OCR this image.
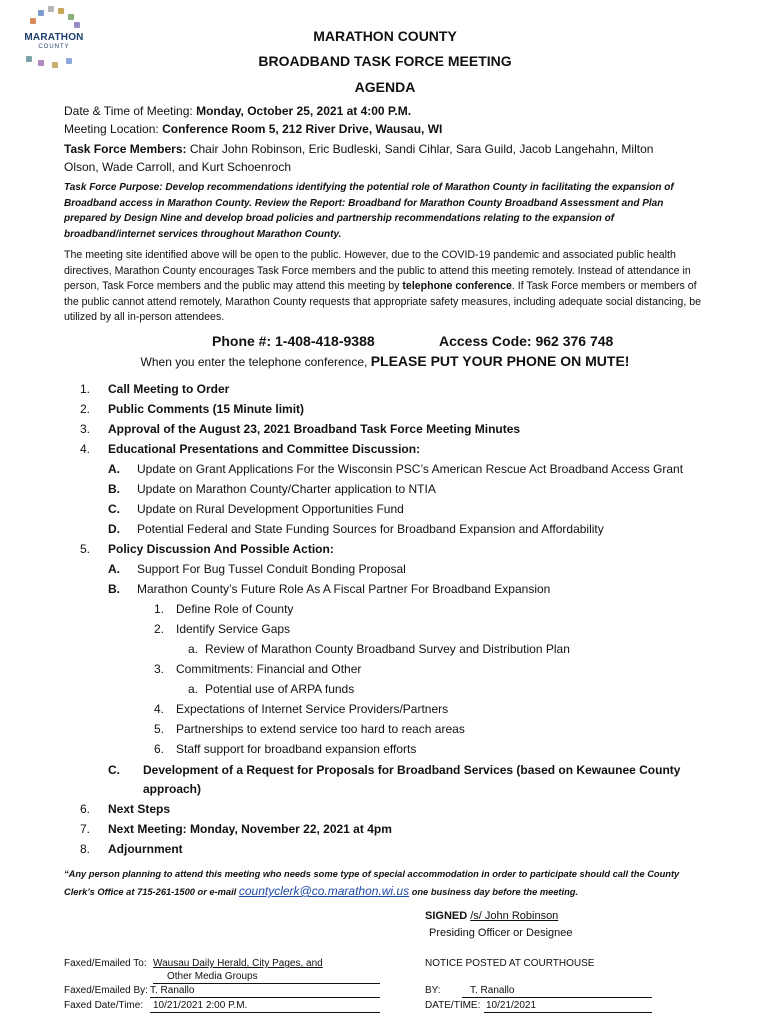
MARATHON
COUNTY
MARATHON COUNTY
BROADBAND TASK FORCE MEETING
AGENDA
Date & Time of Meeting: Monday, October 25, 2021 at 4:00 P.M.
Meeting Location: Conference Room 5, 212 River Drive, Wausau, WI
Task Force Members: Chair John Robinson, Eric Budleski, Sandi Cihlar, Sara Guild, Jacob Langehahn, Milton
Olson, Wade Carroll, and Kurt Schoenroch
Task Force Purpose: Develop recommendations identifying the potential role of Marathon County in facilitating the expansion of Broadband access in Marathon County. Review the Report: Broadband for Marathon County Broadband Assessment and Plan prepared by Design Nine and develop broad policies and partnership recommendations relating to the expansion of broadband/internet services throughout Marathon County.
The meeting site identified above will be open to the public. However, due to the COVID-19 pandemic and associated public health directives, Marathon County encourages Task Force members and the public to attend this meeting remotely. Instead of attendance in person, Task Force members and the public may attend this meeting by telephone conference. If Task Force members or members of the public cannot attend remotely, Marathon County requests that appropriate safety measures, including adequate social distancing, be utilized by all in-person attendees.
Phone #: 1-408-418-9388	Access Code: 962 376 748
When you enter the telephone conference, PLEASE PUT YOUR PHONE ON MUTE!
1. Call Meeting to Order
2. Public Comments (15 Minute limit)
3. Approval of the August 23, 2021 Broadband Task Force Meeting Minutes
4. Educational Presentations and Committee Discussion:
A. Update on Grant Applications For the Wisconsin PSC’s American Rescue Act Broadband Access Grant
B. Update on Marathon County/Charter application to NTIA
C. Update on Rural Development Opportunities Fund
D. Potential Federal and State Funding Sources for Broadband Expansion and Affordability
5. Policy Discussion And Possible Action:
A. Support For Bug Tussel Conduit Bonding Proposal
B. Marathon County’s Future Role As A Fiscal Partner For Broadband Expansion
1. Define Role of County
2. Identify Service Gaps
a. Review of Marathon County Broadband Survey and Distribution Plan
3. Commitments: Financial and Other
a. Potential use of ARPA funds
4. Expectations of Internet Service Providers/Partners
5. Partnerships to extend service too hard to reach areas
6. Staff support for broadband expansion efforts
C. Development of a Request for Proposals for Broadband Services (based on Kewaunee County
approach)
6. Next Steps
7. Next Meeting: Monday, November 22, 2021 at 4pm
8. Adjournment
“Any person planning to attend this meeting who needs some type of special accommodation in order to participate should call the County
Clerk’s Office at 715-261-1500 or e-mail countyclerk@co.marathon.wi.us one business day before the meeting.
SIGNED /s/ John Robinson
Presiding Officer or Designee
Faxed/Emailed To: Wausau Daily Herald, City Pages, and
Other Media Groups
Faxed/Emailed By: T. Ranallo
Faxed Date/Time: 10/21/2021 2:00 P.M.
NOTICE POSTED AT COURTHOUSE
BY:	T. Ranallo
DATE/TIME: 10/21/2021
